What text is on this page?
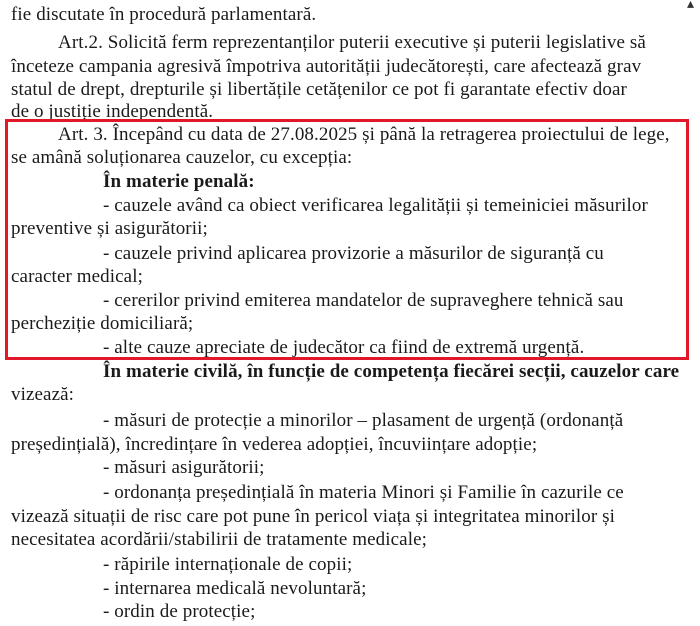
▴
fie discutate în procedură parlamentară.
Art.2. Solicită ferm reprezentanților puterii executive și puterii legislative să
înceteze campania agresivă împotriva autorității judecătorești, care afectează grav
statul de drept, drepturile și libertățile cetățenilor ce pot fi garantate efectiv doar
de o justiție independentă.
Art. 3. Începând cu data de 27.08.2025 și până la retragerea proiectului de lege,
se amână soluționarea cauzelor, cu excepția:
În materie penală:
- cauzele având ca obiect verificarea legalității și temeiniciei măsurilor
preventive și asigurătorii;
- cauzele privind aplicarea provizorie a măsurilor de siguranță cu
caracter medical;
- cererilor privind emiterea mandatelor de supraveghere tehnică sau
percheziție domiciliară;
- alte cauze apreciate de judecător ca fiind de extremă urgență.
În materie civilă, în funcție de competența fiecărei secții, cauzelor care
vizează:
- măsuri de protecție a minorilor – plasament de urgență (ordonanță
președințială), încredințare în vederea adopției, încuviințare adopție;
- măsuri asigurătorii;
- ordonanța președințială în materia Minori și Familie în cazurile ce
vizează situații de risc care pot pune în pericol viața și integritatea minorilor și
necesitatea acordării/stabilirii de tratamente medicale;
- răpirile internaționale de copii;
- internarea medicală nevoluntară;
- ordin de protecție;
